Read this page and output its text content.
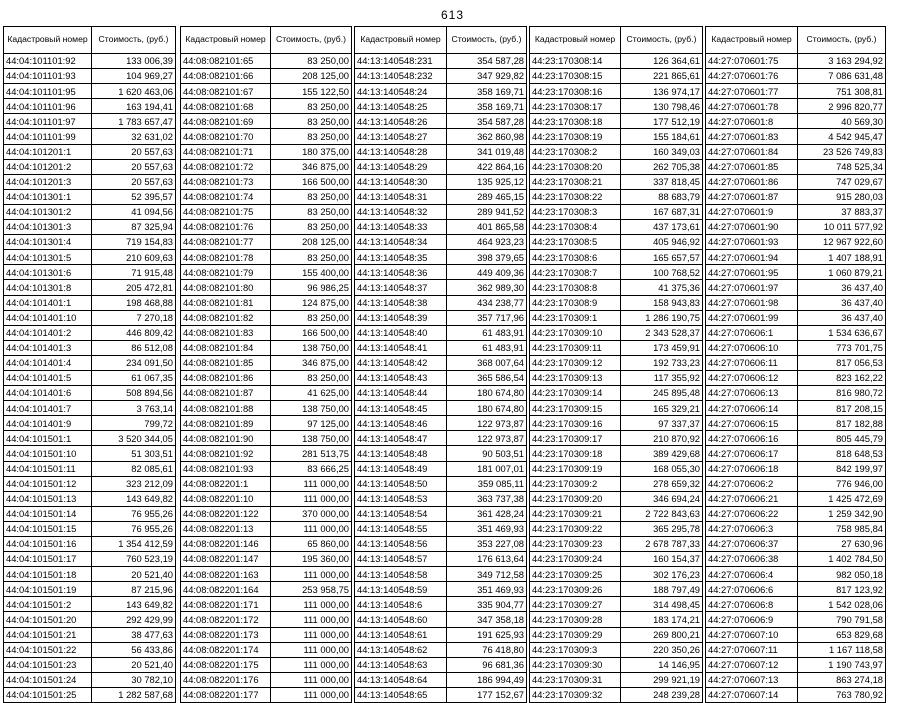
613
Кадастровый номер	Стоимость, (руб.)
44:04:101101:92	133 006,39
44:04:101101:93	104 969,27
44:04:101101:95	1 620 463,06
44:04:101101:96	163 194,41
44:04:101101:97	1 783 657,47
44:04:101101:99	32 631,02
44:04:101201:1	20 557,63
44:04:101201:2	20 557,63
44:04:101201:3	20 557,63
44:04:101301:1	52 395,57
44:04:101301:2	41 094,56
44:04:101301:3	87 325,94
44:04:101301:4	719 154,83
44:04:101301:5	210 609,63
44:04:101301:6	71 915,48
44:04:101301:8	205 472,81
44:04:101401:1	198 468,88
44:04:101401:10	7 270,18
44:04:101401:2	446 809,42
44:04:101401:3	86 512,08
44:04:101401:4	234 091,50
44:04:101401:5	61 067,35
44:04:101401:6	508 894,56
44:04:101401:7	3 763,14
44:04:101401:9	799,72
44:04:101501:1	3 520 344,05
44:04:101501:10	51 303,51
44:04:101501:11	82 085,61
44:04:101501:12	323 212,09
44:04:101501:13	143 649,82
44:04:101501:14	76 955,26
44:04:101501:15	76 955,26
44:04:101501:16	1 354 412,59
44:04:101501:17	760 523,19
44:04:101501:18	20 521,40
44:04:101501:19	87 215,96
44:04:101501:2	143 649,82
44:04:101501:20	292 429,99
44:04:101501:21	38 477,63
44:04:101501:22	56 433,86
44:04:101501:23	20 521,40
44:04:101501:24	30 782,10
44:04:101501:25	1 282 587,68
Кадастровый номер	Стоимость, (руб.)
44:08:082101:65	83 250,00
44:08:082101:66	208 125,00
44:08:082101:67	155 122,50
44:08:082101:68	83 250,00
44:08:082101:69	83 250,00
44:08:082101:70	83 250,00
44:08:082101:71	180 375,00
44:08:082101:72	346 875,00
44:08:082101:73	166 500,00
44:08:082101:74	83 250,00
44:08:082101:75	83 250,00
44:08:082101:76	83 250,00
44:08:082101:77	208 125,00
44:08:082101:78	83 250,00
44:08:082101:79	155 400,00
44:08:082101:80	96 986,25
44:08:082101:81	124 875,00
44:08:082101:82	83 250,00
44:08:082101:83	166 500,00
44:08:082101:84	138 750,00
44:08:082101:85	346 875,00
44:08:082101:86	83 250,00
44:08:082101:87	41 625,00
44:08:082101:88	138 750,00
44:08:082101:89	97 125,00
44:08:082101:90	138 750,00
44:08:082101:92	281 513,75
44:08:082101:93	83 666,25
44:08:082201:1	111 000,00
44:08:082201:10	111 000,00
44:08:082201:122	370 000,00
44:08:082201:13	111 000,00
44:08:082201:146	65 860,00
44:08:082201:147	195 360,00
44:08:082201:163	111 000,00
44:08:082201:164	253 958,75
44:08:082201:171	111 000,00
44:08:082201:172	111 000,00
44:08:082201:173	111 000,00
44:08:082201:174	111 000,00
44:08:082201:175	111 000,00
44:08:082201:176	111 000,00
44:08:082201:177	111 000,00
Кадастровый номер	Стоимость, (руб.)
44:13:140548:231	354 587,28
44:13:140548:232	347 929,82
44:13:140548:24	358 169,71
44:13:140548:25	358 169,71
44:13:140548:26	354 587,28
44:13:140548:27	362 860,98
44:13:140548:28	341 019,48
44:13:140548:29	422 864,16
44:13:140548:30	135 925,12
44:13:140548:31	289 465,15
44:13:140548:32	289 941,52
44:13:140548:33	401 865,58
44:13:140548:34	464 923,23
44:13:140548:35	398 379,65
44:13:140548:36	449 409,36
44:13:140548:37	362 989,30
44:13:140548:38	434 238,77
44:13:140548:39	357 717,96
44:13:140548:40	61 483,91
44:13:140548:41	61 483,91
44:13:140548:42	368 007,64
44:13:140548:43	365 586,54
44:13:140548:44	180 674,80
44:13:140548:45	180 674,80
44:13:140548:46	122 973,87
44:13:140548:47	122 973,87
44:13:140548:48	90 503,51
44:13:140548:49	181 007,01
44:13:140548:50	359 085,11
44:13:140548:53	363 737,38
44:13:140548:54	361 428,24
44:13:140548:55	351 469,93
44:13:140548:56	353 227,08
44:13:140548:57	176 613,64
44:13:140548:58	349 712,58
44:13:140548:59	351 469,93
44:13:140548:6	335 904,77
44:13:140548:60	347 358,18
44:13:140548:61	191 625,93
44:13:140548:62	76 418,80
44:13:140548:63	96 681,36
44:13:140548:64	186 994,49
44:13:140548:65	177 152,67
Кадастровый номер	Стоимость, (руб.)
44:23:170308:14	126 364,61
44:23:170308:15	221 865,61
44:23:170308:16	136 974,17
44:23:170308:17	130 798,46
44:23:170308:18	177 512,19
44:23:170308:19	155 184,61
44:23:170308:2	160 349,03
44:23:170308:20	262 705,38
44:23:170308:21	337 818,45
44:23:170308:22	88 683,79
44:23:170308:3	167 687,31
44:23:170308:4	437 173,61
44:23:170308:5	405 946,92
44:23:170308:6	165 657,57
44:23:170308:7	100 768,52
44:23:170308:8	41 375,36
44:23:170308:9	158 943,83
44:23:170309:1	1 286 190,75
44:23:170309:10	2 343 528,37
44:23:170309:11	173 459,91
44:23:170309:12	192 733,23
44:23:170309:13	117 355,92
44:23:170309:14	245 895,48
44:23:170309:15	165 329,21
44:23:170309:16	97 337,37
44:23:170309:17	210 870,92
44:23:170309:18	389 429,68
44:23:170309:19	168 055,30
44:23:170309:2	278 659,32
44:23:170309:20	346 694,24
44:23:170309:21	2 722 843,63
44:23:170309:22	365 295,78
44:23:170309:23	2 678 787,33
44:23:170309:24	160 154,37
44:23:170309:25	302 176,23
44:23:170309:26	188 797,49
44:23:170309:27	314 498,45
44:23:170309:28	183 174,21
44:23:170309:29	269 800,21
44:23:170309:3	220 350,26
44:23:170309:30	14 146,95
44:23:170309:31	299 921,19
44:23:170309:32	248 239,28
Кадастровый номер	Стоимость, (руб.)
44:27:070601:75	3 163 294,92
44:27:070601:76	7 086 631,48
44:27:070601:77	751 308,81
44:27:070601:78	2 996 820,77
44:27:070601:8	40 569,30
44:27:070601:83	4 542 945,47
44:27:070601:84	23 526 749,83
44:27:070601:85	748 525,34
44:27:070601:86	747 029,67
44:27:070601:87	915 280,03
44:27:070601:9	37 883,37
44:27:070601:90	10 011 577,92
44:27:070601:93	12 967 922,60
44:27:070601:94	1 407 188,91
44:27:070601:95	1 060 879,21
44:27:070601:97	36 437,40
44:27:070601:98	36 437,40
44:27:070601:99	36 437,40
44:27:070606:1	1 534 636,67
44:27:070606:10	773 701,75
44:27:070606:11	817 056,53
44:27:070606:12	823 162,22
44:27:070606:13	816 980,72
44:27:070606:14	817 208,15
44:27:070606:15	817 182,88
44:27:070606:16	805 445,79
44:27:070606:17	818 648,53
44:27:070606:18	842 199,97
44:27:070606:2	776 946,00
44:27:070606:21	1 425 472,69
44:27:070606:22	1 259 342,90
44:27:070606:3	758 985,84
44:27:070606:37	27 630,96
44:27:070606:38	1 402 784,50
44:27:070606:4	982 050,18
44:27:070606:6	817 123,92
44:27:070606:8	1 542 028,06
44:27:070606:9	790 791,58
44:27:070607:10	653 829,68
44:27:070607:11	1 167 118,58
44:27:070607:12	1 190 743,97
44:27:070607:13	863 274,18
44:27:070607:14	763 780,92
